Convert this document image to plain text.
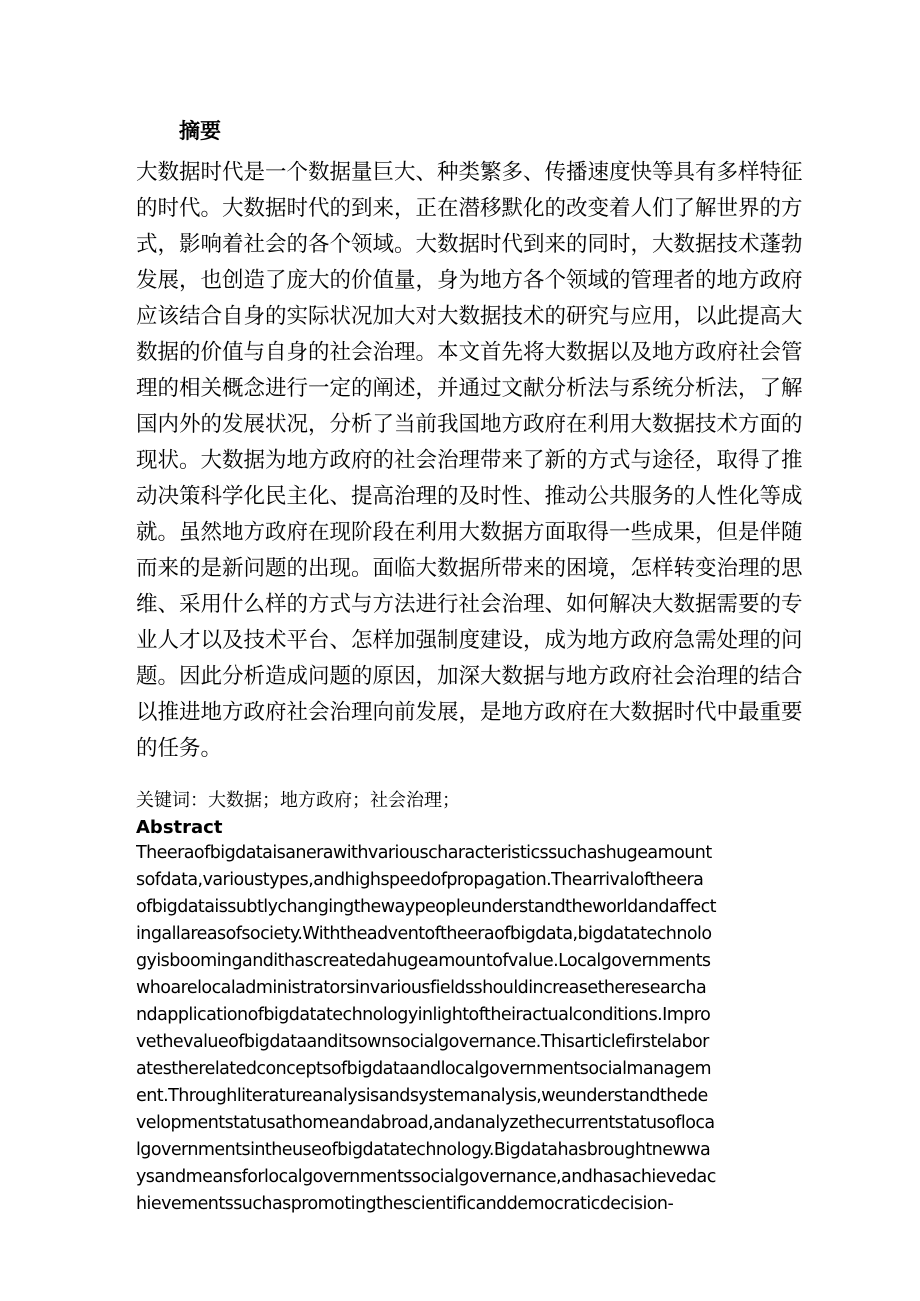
摘要
大数据时代是一个数据量巨大、种类繁多、传播速度快等具有多样特征
的时代。大数据时代的到来，正在潜移默化的改变着人们了解世界的方
式，影响着社会的各个领域。大数据时代到来的同时，大数据技术蓬勃
发展，也创造了庞大的价值量，身为地方各个领域的管理者的地方政府
应该结合自身的实际状况加大对大数据技术的研究与应用，以此提高大
数据的价值与自身的社会治理。本文首先将大数据以及地方政府社会管
理的相关概念进行一定的阐述，并通过文献分析法与系统分析法，了解
国内外的发展状况，分析了当前我国地方政府在利用大数据技术方面的
现状。大数据为地方政府的社会治理带来了新的方式与途径，取得了推
动决策科学化民主化、提高治理的及时性、推动公共服务的人性化等成
就。虽然地方政府在现阶段在利用大数据方面取得一些成果，但是伴随
而来的是新问题的出现。面临大数据所带来的困境，怎样转变治理的思
维、采用什么样的方式与方法进行社会治理、如何解决大数据需要的专
业人才以及技术平台、怎样加强制度建设，成为地方政府急需处理的问
题。因此分析造成问题的原因，加深大数据与地方政府社会治理的结合
以推进地方政府社会治理向前发展，是地方政府在大数据时代中最重要
的任务。

关键词：大数据；地方政府；社会治理；

Abstract
Theeraofbigdataisanerawithvariouscharacteristicssuchashugeamount
sofdata,varioustypes,andhighspeedofpropagation.Thearrivaloftheera
ofbigdataissubtlychangingthewaypeopleunderstandtheworldandaffect
ingallareasofsociety.Withtheadventoftheeraofbigdata,bigdatatechnolo
gyisboomingandithascreatedahugeamountofvalue.Localgovernments
whoarelocaladministratorsinvariousfieldsshouldincreasetheresearcha
ndapplicationofbigdatatechnologyinlightoftheiractualconditions.Impro
vethevalueofbigdataanditsownsocialgovernance.Thisarticlefirstelabor
atestherelatedconceptsofbigdataandlocalgovernmentsocialmanagem
ent.Throughliteratureanalysisandsystemanalysis,weunderstandthede
velopmentstatusathomeandabroad,andanalyzethecurrentstatusofloca
lgovernmentsintheuseofbigdatatechnology.Bigdatahasbroughtnewwa
ysandmeansforlocalgovernmentssocialgovernance,andhasachievedac
hievementssuchaspromotingthescientificanddemocraticdecision-
